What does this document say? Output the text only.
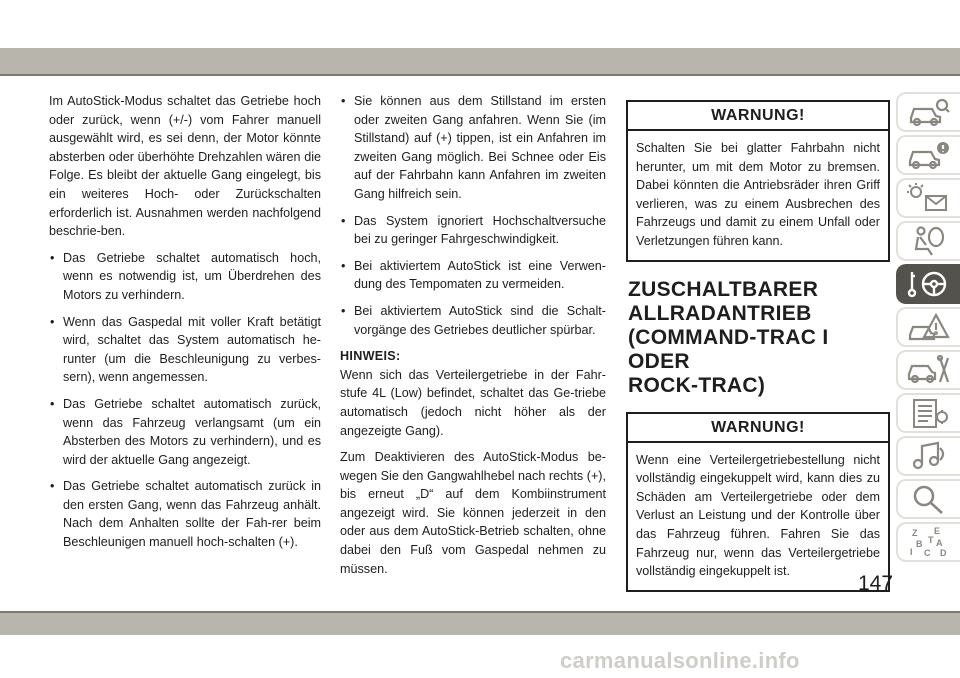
Im AutoStick-Modus schaltet das Getriebe hoch oder zurück, wenn (+/-) vom Fahrer manuell ausgewählt wird, es sei denn, der Motor könnte absterben oder überhöhte Drehzahlen wären die Folge. Es bleibt der aktuelle Gang eingelegt, bis ein weiteres Hoch- oder Zurückschalten erforderlich ist. Ausnahmen werden nachfolgend beschrie-ben.

• Das Getriebe schaltet automatisch hoch, wenn es notwendig ist, um Überdrehen des Motors zu verhindern.
• Wenn das Gaspedal mit voller Kraft betätigt wird, schaltet das System automatisch he-runter (um die Beschleunigung zu verbes-sern), wenn angemessen.
• Das Getriebe schaltet automatisch zurück, wenn das Fahrzeug verlangsamt (um ein Absterben des Motors zu verhindern), und es wird der aktuelle Gang angezeigt.
• Das Getriebe schaltet automatisch zurück in den ersten Gang, wenn das Fahrzeug anhält. Nach dem Anhalten sollte der Fah-rer beim Beschleunigen manuell hoch-schalten (+).
• Sie können aus dem Stillstand im ersten oder zweiten Gang anfahren. Wenn Sie (im Stillstand) auf (+) tippen, ist ein Anfahren im zweiten Gang möglich. Bei Schnee oder Eis auf der Fahrbahn kann Anfahren im zweiten Gang hilfreich sein.
• Das System ignoriert Hochschaltversuche bei zu geringer Fahrgeschwindigkeit.
• Bei aktiviertem AutoStick ist eine Verwen-dung des Tempomaten zu vermeiden.
• Bei aktiviertem AutoStick sind die Schalt-vorgänge des Getriebes deutlicher spürbar.

HINWEIS:

Wenn sich das Verteilergetriebe in der Fahr-stufe 4L (Low) befindet, schaltet das Ge-triebe automatisch (jedoch nicht höher als der angezeigte Gang).

Zum Deaktivieren des AutoStick-Modus be-wegen Sie den Gangwahlhebel nach rechts (+), bis erneut „D“ auf dem Kombiinstrument angezeigt wird. Sie können jederzeit in den oder aus dem AutoStick-Betrieb schalten, ohne dabei den Fuß vom Gaspedal nehmen zu müssen.

WARNUNG!
Schalten Sie bei glatter Fahrbahn nicht herunter, um mit dem Motor zu bremsen. Dabei könnten die Antriebsräder ihren Griff verlieren, was zu einem Ausbrechen des Fahrzeugs und damit zu einem Unfall oder Verletzungen führen kann.
ZUSCHALTBARER
ALLRADANTRIEB
(COMMAND-TRAC I ODER
ROCK-TRAC)
WARNUNG!
Wenn eine Verteilergetriebestellung nicht vollständig eingekuppelt wird, kann dies zu Schäden am Verteilergetriebe oder dem Verlust an Leistung und der Kontrolle über das Fahrzeug führen. Fahren Sie das Fahrzeug nur, wenn das Verteilergetriebe vollständig eingekuppelt ist.
Z E
B A
C
T
D
I
147
carmanualsonline.info
